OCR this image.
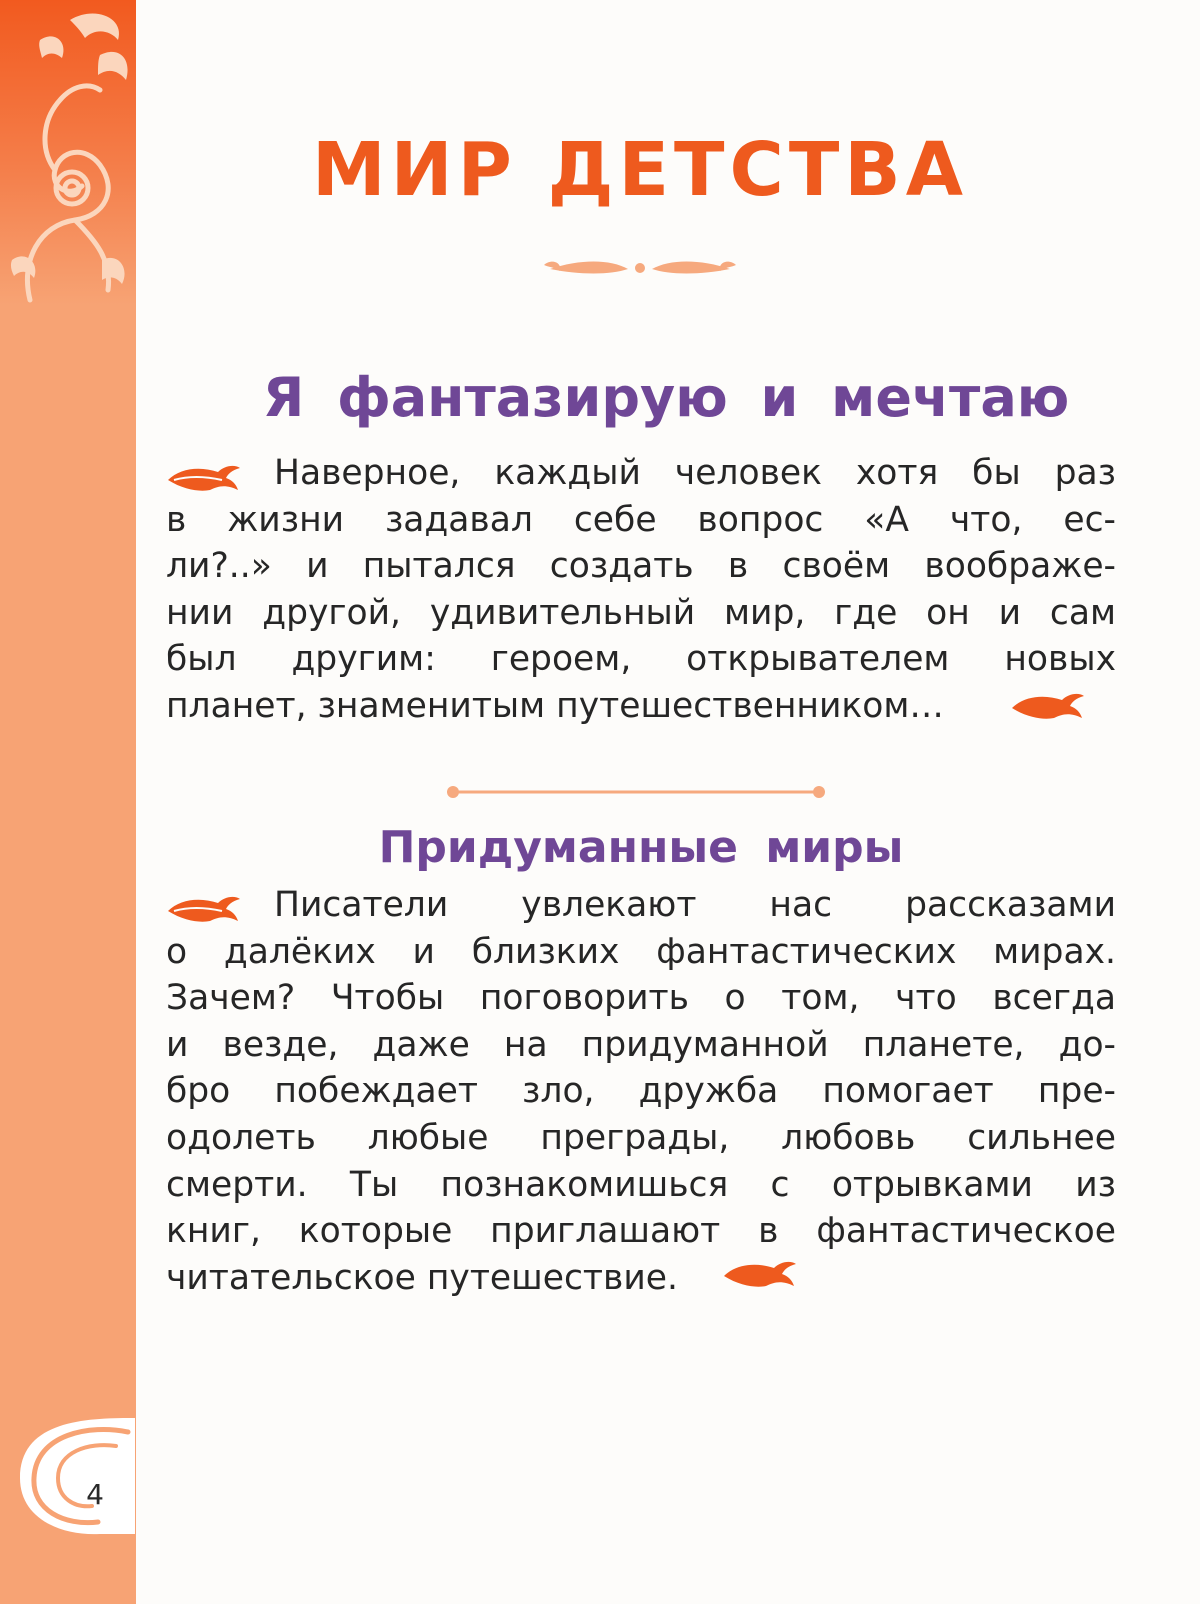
4
МИР ДЕТСТВА
Я фантазирую и мечтаю
Наверное, каждый человек хотя бы раз
в жизни задавал себе вопрос «А что, ес-
ли?..» и пытался создать в своём воображе-
нии другой, удивительный мир, где он и сам
был другим: героем, открывателем новых
планет, знаменитым путешественником…
Придуманные миры
Писатели увлекают нас рассказами
о далёких и близких фантастических мирах.
Зачем? Чтобы поговорить о том, что всегда
и везде, даже на придуманной планете, до-
бро побеждает зло, дружба помогает пре-
одолеть любые преграды, любовь сильнее
смерти. Ты познакомишься с отрывками из
книг, которые приглашают в фантастическое
читательское путешествие.
